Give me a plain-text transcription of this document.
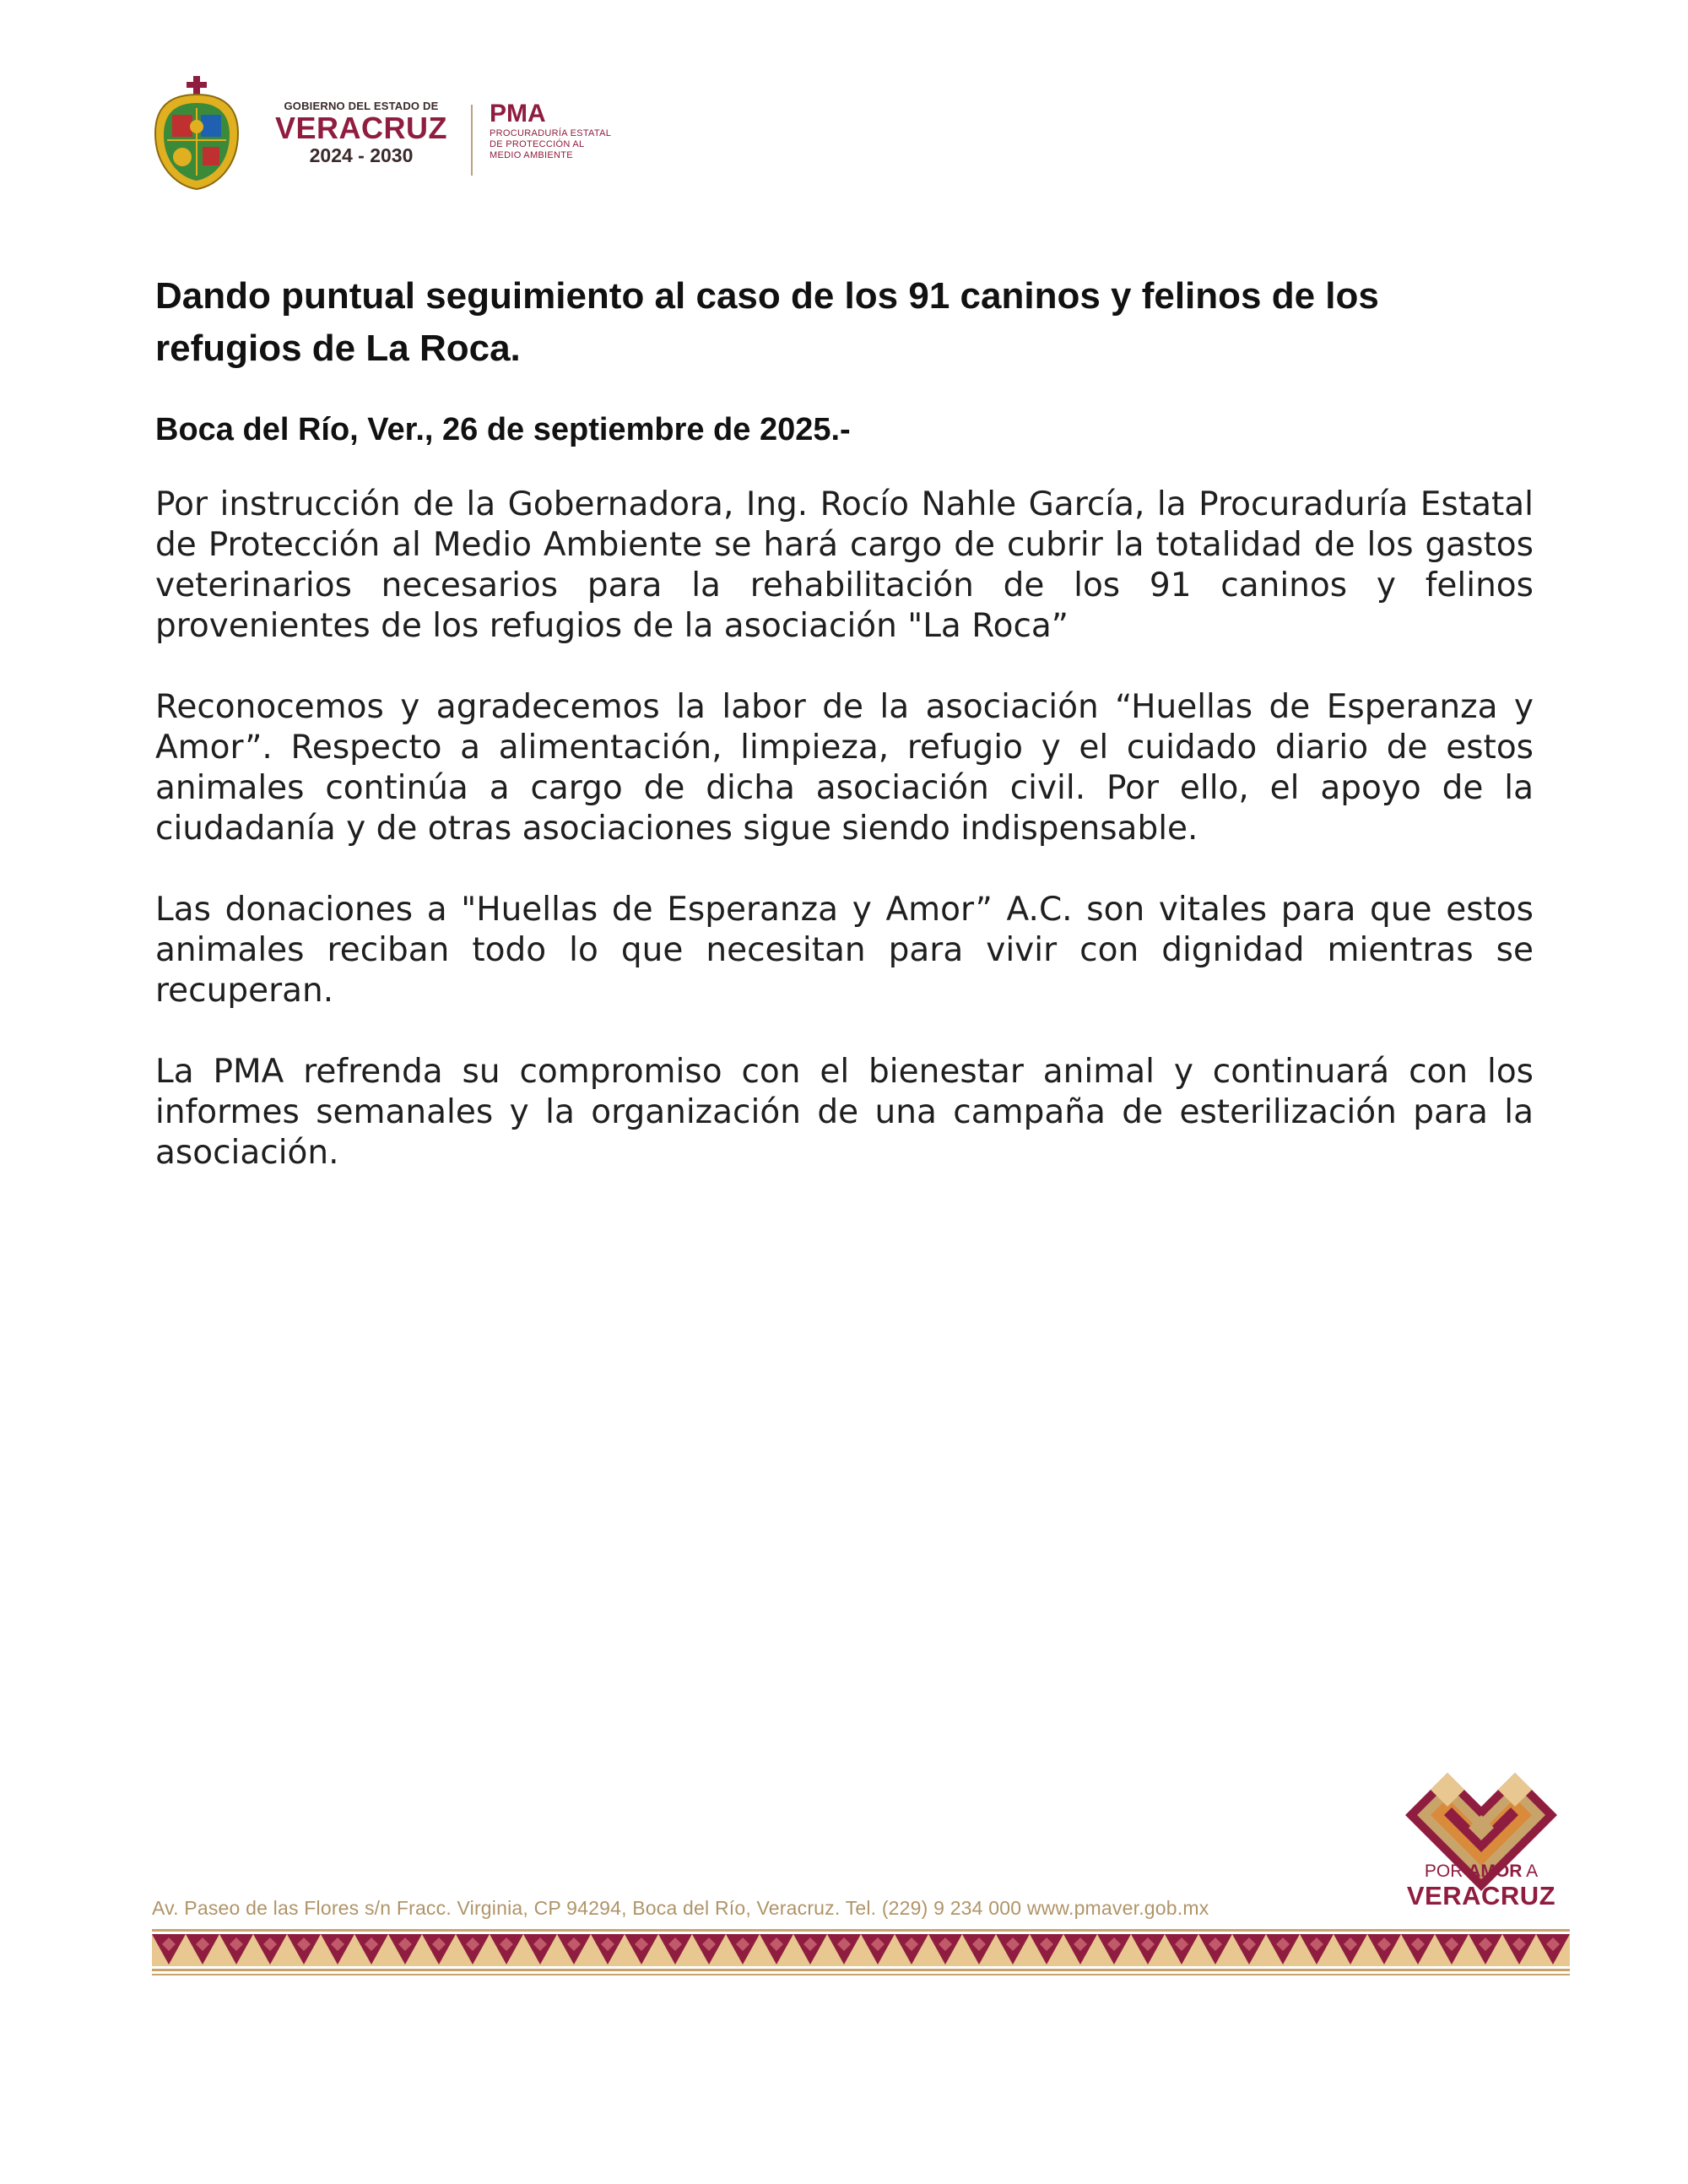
GOBIERNO DEL ESTADO DE
VERACRUZ
2024 - 2030
PMA
PROCURADURÍA ESTATAL
DE PROTECCIÓN AL
MEDIO AMBIENTE
Dando puntual seguimiento al caso de los 91 caninos y felinos de los refugios de La Roca.

Boca del Río, Ver., 26 de septiembre de 2025.-

Por instrucción de la Gobernadora, Ing. Rocío Nahle García, la Procuraduría Estatal de Protección al Medio Ambiente se hará cargo de cubrir la totalidad de los gastos veterinarios necesarios para la rehabilitación de los 91 caninos y felinos provenientes de los refugios de la asociación "La Roca”

Reconocemos y agradecemos la labor de la asociación “Huellas de Esperanza y Amor”. Respecto a alimentación, limpieza, refugio y el cuidado diario de estos animales continúa a cargo de dicha asociación civil. Por ello, el apoyo de la ciudadanía y de otras asociaciones sigue siendo indispensable.

Las donaciones a "Huellas de Esperanza y Amor” A.C. son vitales para que estos animales reciban todo lo que necesitan para vivir con dignidad mientras se recuperan.

La PMA refrenda su compromiso con el bienestar animal y continuará con los informes semanales y la organización de una campaña de esterilización para la asociación.

POR AMOR A
VERACRUZ
Av. Paseo de las Flores s/n Fracc. Virginia, CP 94294, Boca del Río, Veracruz. Tel. (229) 9 234 000 www.pmaver.gob.mx
